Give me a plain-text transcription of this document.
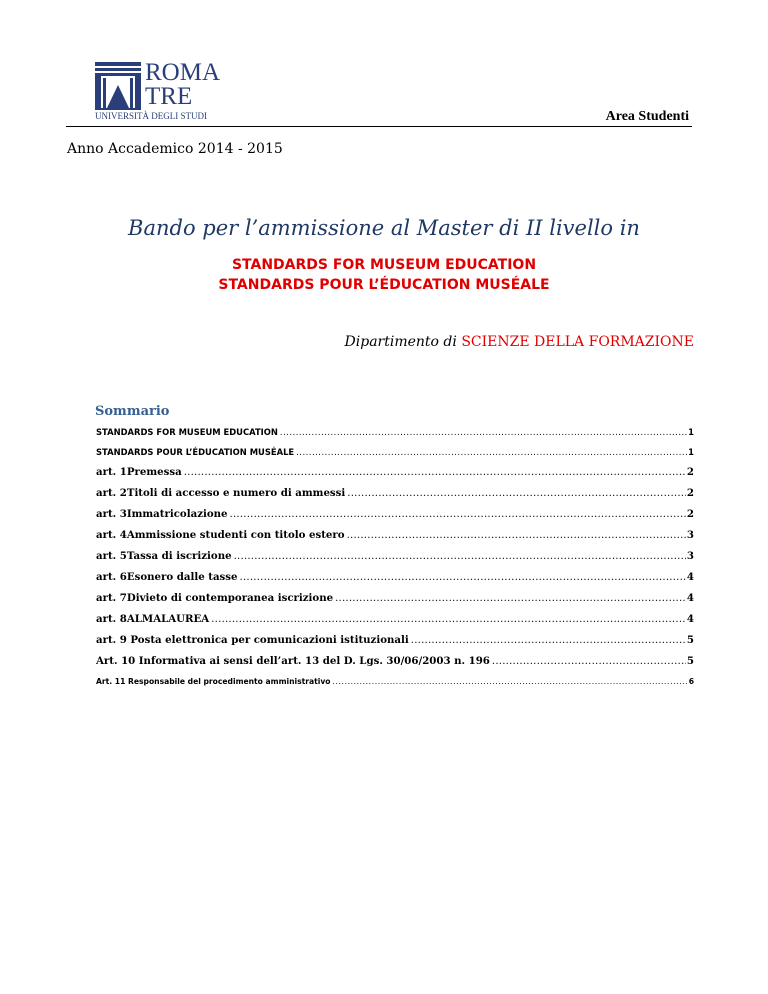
ROMA
TRE
UNIVERSITÀ DEGLI STUDI	Area Studenti
Anno Accademico 2014 - 2015
Bando per l’ammissione al Master di II livello in
STANDARDS FOR MUSEUM EDUCATION
STANDARDS POUR L’ÉDUCATION MUSÉALE
Dipartimento di SCIENZE DELLA FORMAZIONE
Sommario
STANDARDS FOR MUSEUM EDUCATION .....	1
STANDARDS POUR L’ÉDUCATION MUSÉALE .....	1
art. 1 Premessa .....	2
art. 2 Titoli di accesso e numero di ammessi .....	2
art. 3 Immatricolazione .....	2
art. 4 Ammissione studenti con titolo estero .....	3
art. 5 Tassa di iscrizione .....	3
art. 6 Esonero dalle tasse .....	4
art. 7 Divieto di contemporanea iscrizione .....	4
art. 8 ALMALAUREA .....	4
art. 9 Posta elettronica per comunicazioni istituzionali .....	5
Art. 10 Informativa ai sensi dell’art. 13 del D. Lgs. 30/06/2003 n. 196 .....	5
Art. 11 Responsabile del procedimento amministrativo .....	6
